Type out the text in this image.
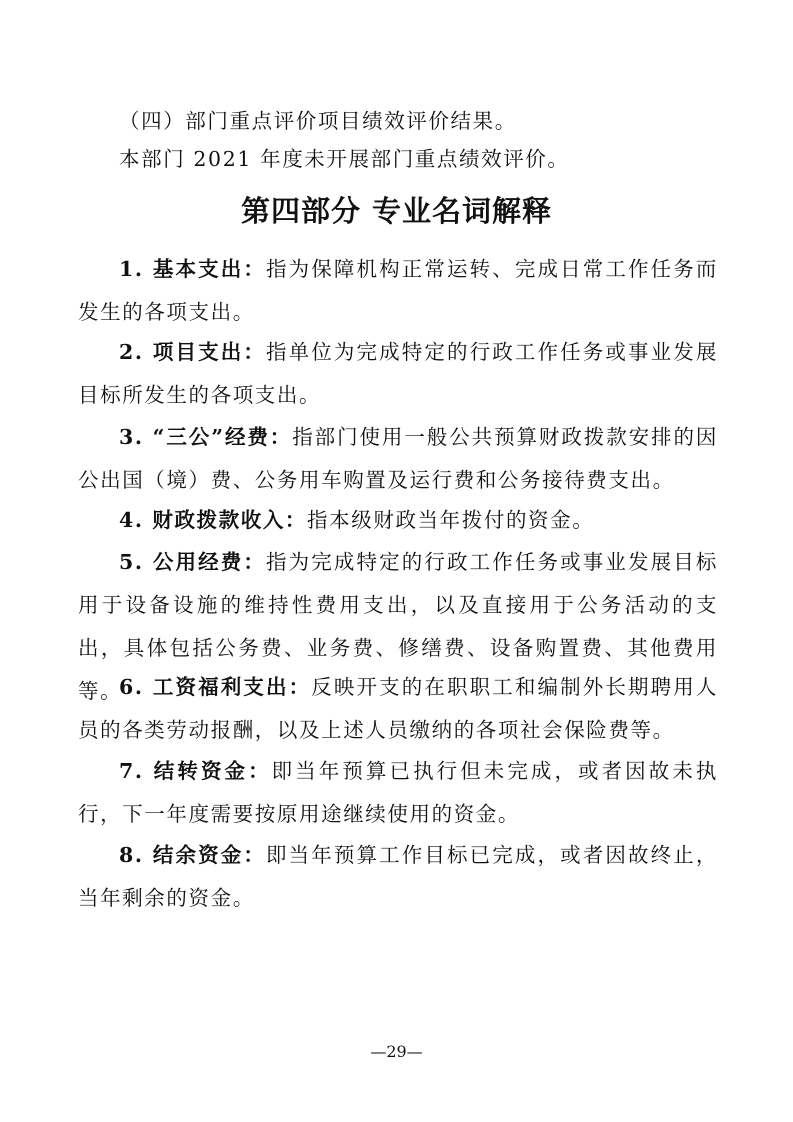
（四）部门重点评价项目绩效评价结果。

本部门 2021 年度未开展部门重点绩效评价。

第四部分 专业名词解释

1. 基本支出：指为保障机构正常运转、完成日常工作任务而发生的各项支出。

2. 项目支出：指单位为完成特定的行政工作任务或事业发展目标所发生的各项支出。

3. “三公”经费：指部门使用一般公共预算财政拨款安排的因公出国（境）费、公务用车购置及运行费和公务接待费支出。

4. 财政拨款收入：指本级财政当年拨付的资金。

5. 公用经费：指为完成特定的行政工作任务或事业发展目标用于设备设施的维持性费用支出，以及直接用于公务活动的支出，具体包括公务费、业务费、修缮费、设备购置费、其他费用等。

6. 工资福利支出：反映开支的在职职工和编制外长期聘用人员的各类劳动报酬，以及上述人员缴纳的各项社会保险费等。

7. 结转资金：即当年预算已执行但未完成，或者因故未执行，下一年度需要按原用途继续使用的资金。

8. 结余资金：即当年预算工作目标已完成，或者因故终止，当年剩余的资金。

—29—
